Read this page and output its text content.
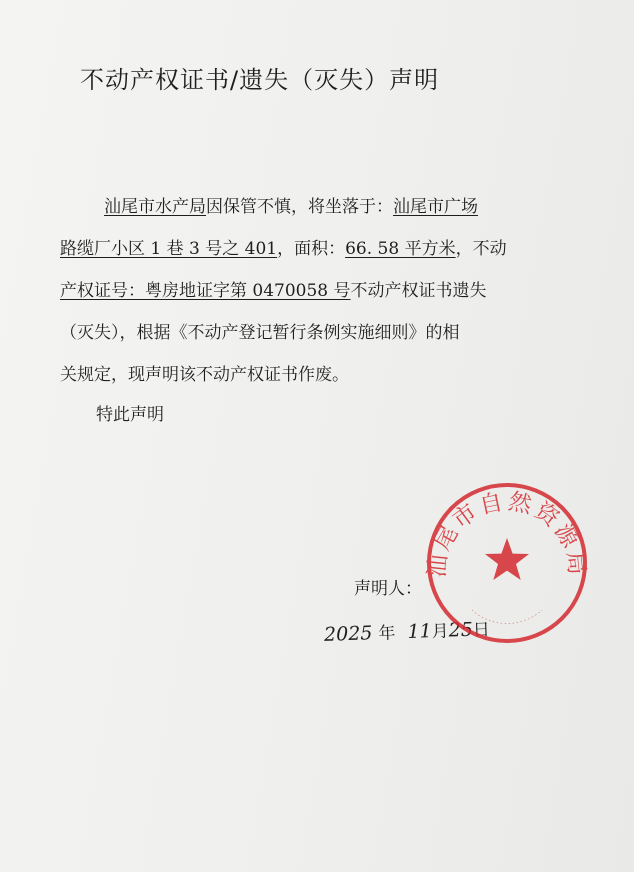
不动产权证书/遗失（灭失）声明
汕尾市水产局因保管不慎，将坐落于：汕尾市广场
路缆厂小区 1 巷 3 号之 401，面积：66. 58 平方米，不动
产权证号：粤房地证字第 0470058 号不动产权证书遗失
（灭失），根据《不动产登记暂行条例实施细则》的相
关规定，现声明该不动产权证书作废。
特此声明
声明人：
2025 年 11月25日
汕尾市自然资源局
